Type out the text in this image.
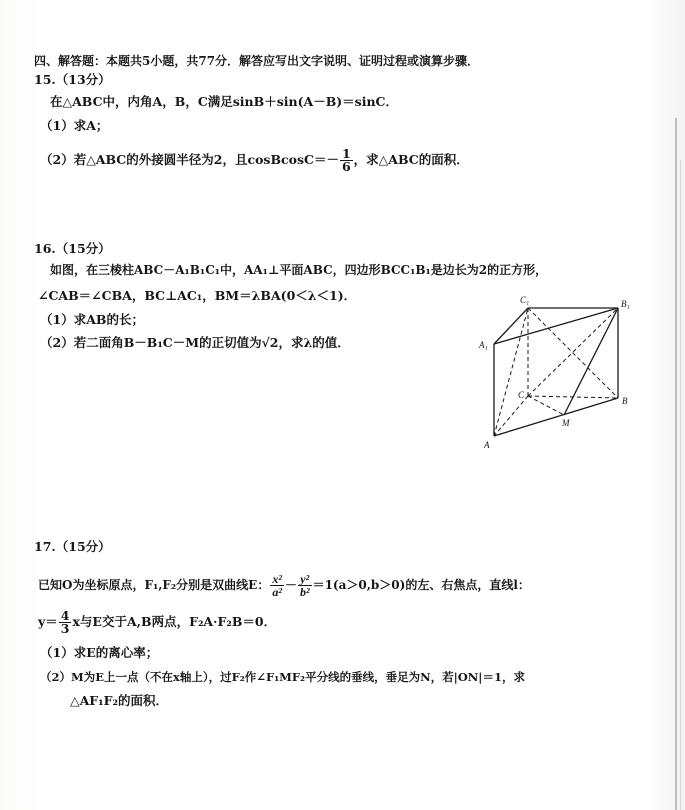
四、解答题：本题共5小题，共77分．解答应写出文字说明、证明过程或演算步骤．
15.（13分）
在△ABC中，内角A，B，C满足sinB＋sin(A－B)＝sinC．
（1）求A；
（2）若△ABC的外接圆半径为2，且cosBcosC＝－ $\frac{1}{6}$ ，求△ABC的面积．
16.（15分）
如图，在三棱柱ABC－A₁B₁C₁中，AA₁⊥平面ABC，四边形BCC₁B₁是边长为2的正方形，
∠CAB＝∠CBA，BC⊥AC₁，BM＝λBA(0＜λ＜1)．
（1）求AB的长；
（2）若二面角B－B₁C－M的正切值为√2，求λ的值．
C₁	B₁
A₁
C
B
M
A
17.（15分）
已知O为坐标原点，F₁,F₂分别是双曲线E： $\frac{\text{x²}}{\text{a²}} - \frac{\text{y²}}{\text{b²}} =1(a>0,b>0)$的左、右焦点，直线l：
$y= \frac{4}{3}$ x与E交于A,B两点，F₂A·F₂B＝0．
（1）求E的离心率；
（2）M为E上一点（不在x轴上），过F₂作∠F₁MF₂平分线的垂线，垂足为N，若|ON|＝1，求
△AF₁F₂的面积．
